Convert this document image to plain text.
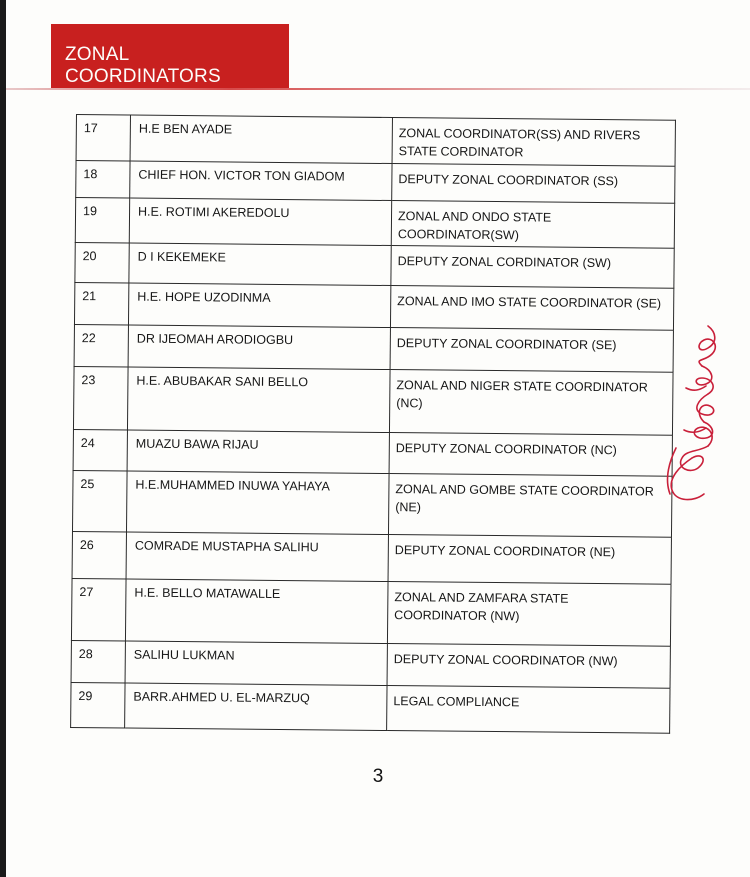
ZONAL COORDINATORS
17	H.E BEN AYADE	ZONAL COORDINATOR(SS) AND RIVERS STATE CORDINATOR
18	CHIEF HON. VICTOR TON GIADOM	DEPUTY ZONAL COORDINATOR (SS)
19	H.E. ROTIMI AKEREDOLU	ZONAL AND ONDO STATE COORDINATOR(SW)
20	D I KEKEMEKE	DEPUTY ZONAL CORDINATOR (SW)
21	H.E. HOPE UZODINMA	ZONAL AND IMO STATE COORDINATOR (SE)
22	DR IJEOMAH ARODIOGBU	DEPUTY ZONAL COORDINATOR (SE)
23	H.E. ABUBAKAR SANI BELLO	ZONAL AND NIGER STATE COORDINATOR (NC)
24	MUAZU BAWA RIJAU	DEPUTY ZONAL COORDINATOR (NC)
25	H.E.MUHAMMED INUWA YAHAYA	ZONAL AND GOMBE STATE COORDINATOR (NE)
26	COMRADE MUSTAPHA SALIHU	DEPUTY ZONAL COORDINATOR (NE)
27	H.E. BELLO MATAWALLE	ZONAL AND ZAMFARA STATE COORDINATOR (NW)
28	SALIHU LUKMAN	DEPUTY ZONAL COORDINATOR (NW)
29	BARR.AHMED U. EL-MARZUQ	LEGAL COMPLIANCE
3
